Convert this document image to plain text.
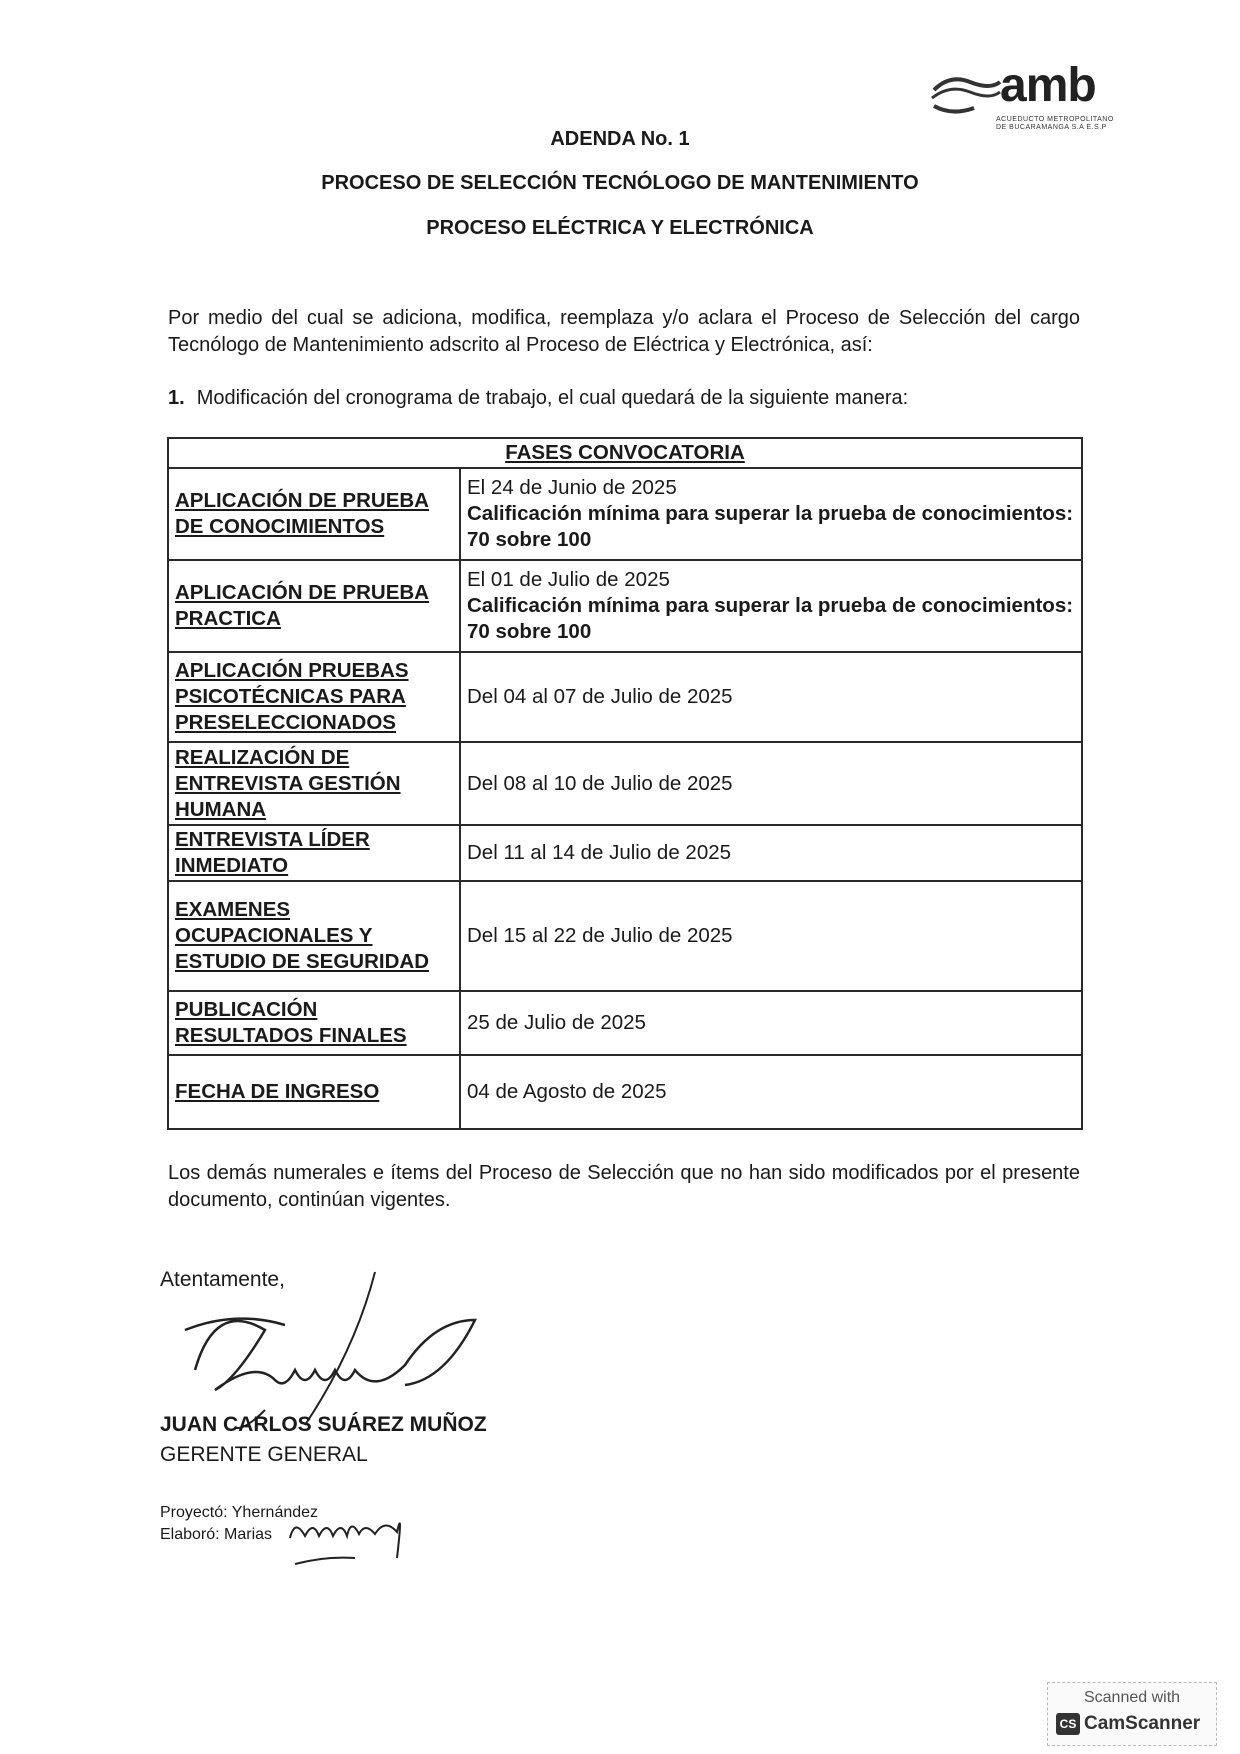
amb
ACUEDUCTO METROPOLITANO
DE BUCARAMANGA S.A E.S.P
ADENDA No. 1
PROCESO DE SELECCIÓN TECNÓLOGO DE MANTENIMIENTO
PROCESO ELÉCTRICA Y ELECTRÓNICA
Por medio del cual se adiciona, modifica, reemplaza y/o aclara el Proceso de Selección del cargo Tecnólogo de Mantenimiento adscrito al Proceso de Eléctrica y Electrónica, así:
1. Modificación del cronograma de trabajo, el cual quedará de la siguiente manera:
FASES CONVOCATORIA	
APLICACIÓN DE PRUEBA DE CONOCIMIENTOS	El 24 de Junio de 2025
Calificación mínima para superar la prueba de conocimientos: 70 sobre 100

APLICACIÓN DE PRUEBA PRACTICA	El 01 de Julio de 2025
Calificación mínima para superar la prueba de conocimientos: 70 sobre 100

APLICACIÓN PRUEBAS PSICOTÉCNICAS PARA PRESELECCIONADOS	Del 04 al 07 de Julio de 2025
REALIZACIÓN DE ENTREVISTA GESTIÓN HUMANA	Del 08 al 10 de Julio de 2025
ENTREVISTA LÍDER INMEDIATO	Del 11 al 14 de Julio de 2025
EXAMENES OCUPACIONALES Y ESTUDIO DE SEGURIDAD	Del 15 al 22 de Julio de 2025
PUBLICACIÓN RESULTADOS FINALES	25 de Julio de 2025
FECHA DE INGRESO	04 de Agosto de 2025
Los demás numerales e ítems del Proceso de Selección que no han sido modificados por el presente documento, continúan vigentes.
Atentamente,
JUAN CARLOS SUÁREZ MUÑOZ
GERENTE GENERAL
Proyectó: Yhernández
Elaboró: Marias
Scanned with
CS CamScanner
